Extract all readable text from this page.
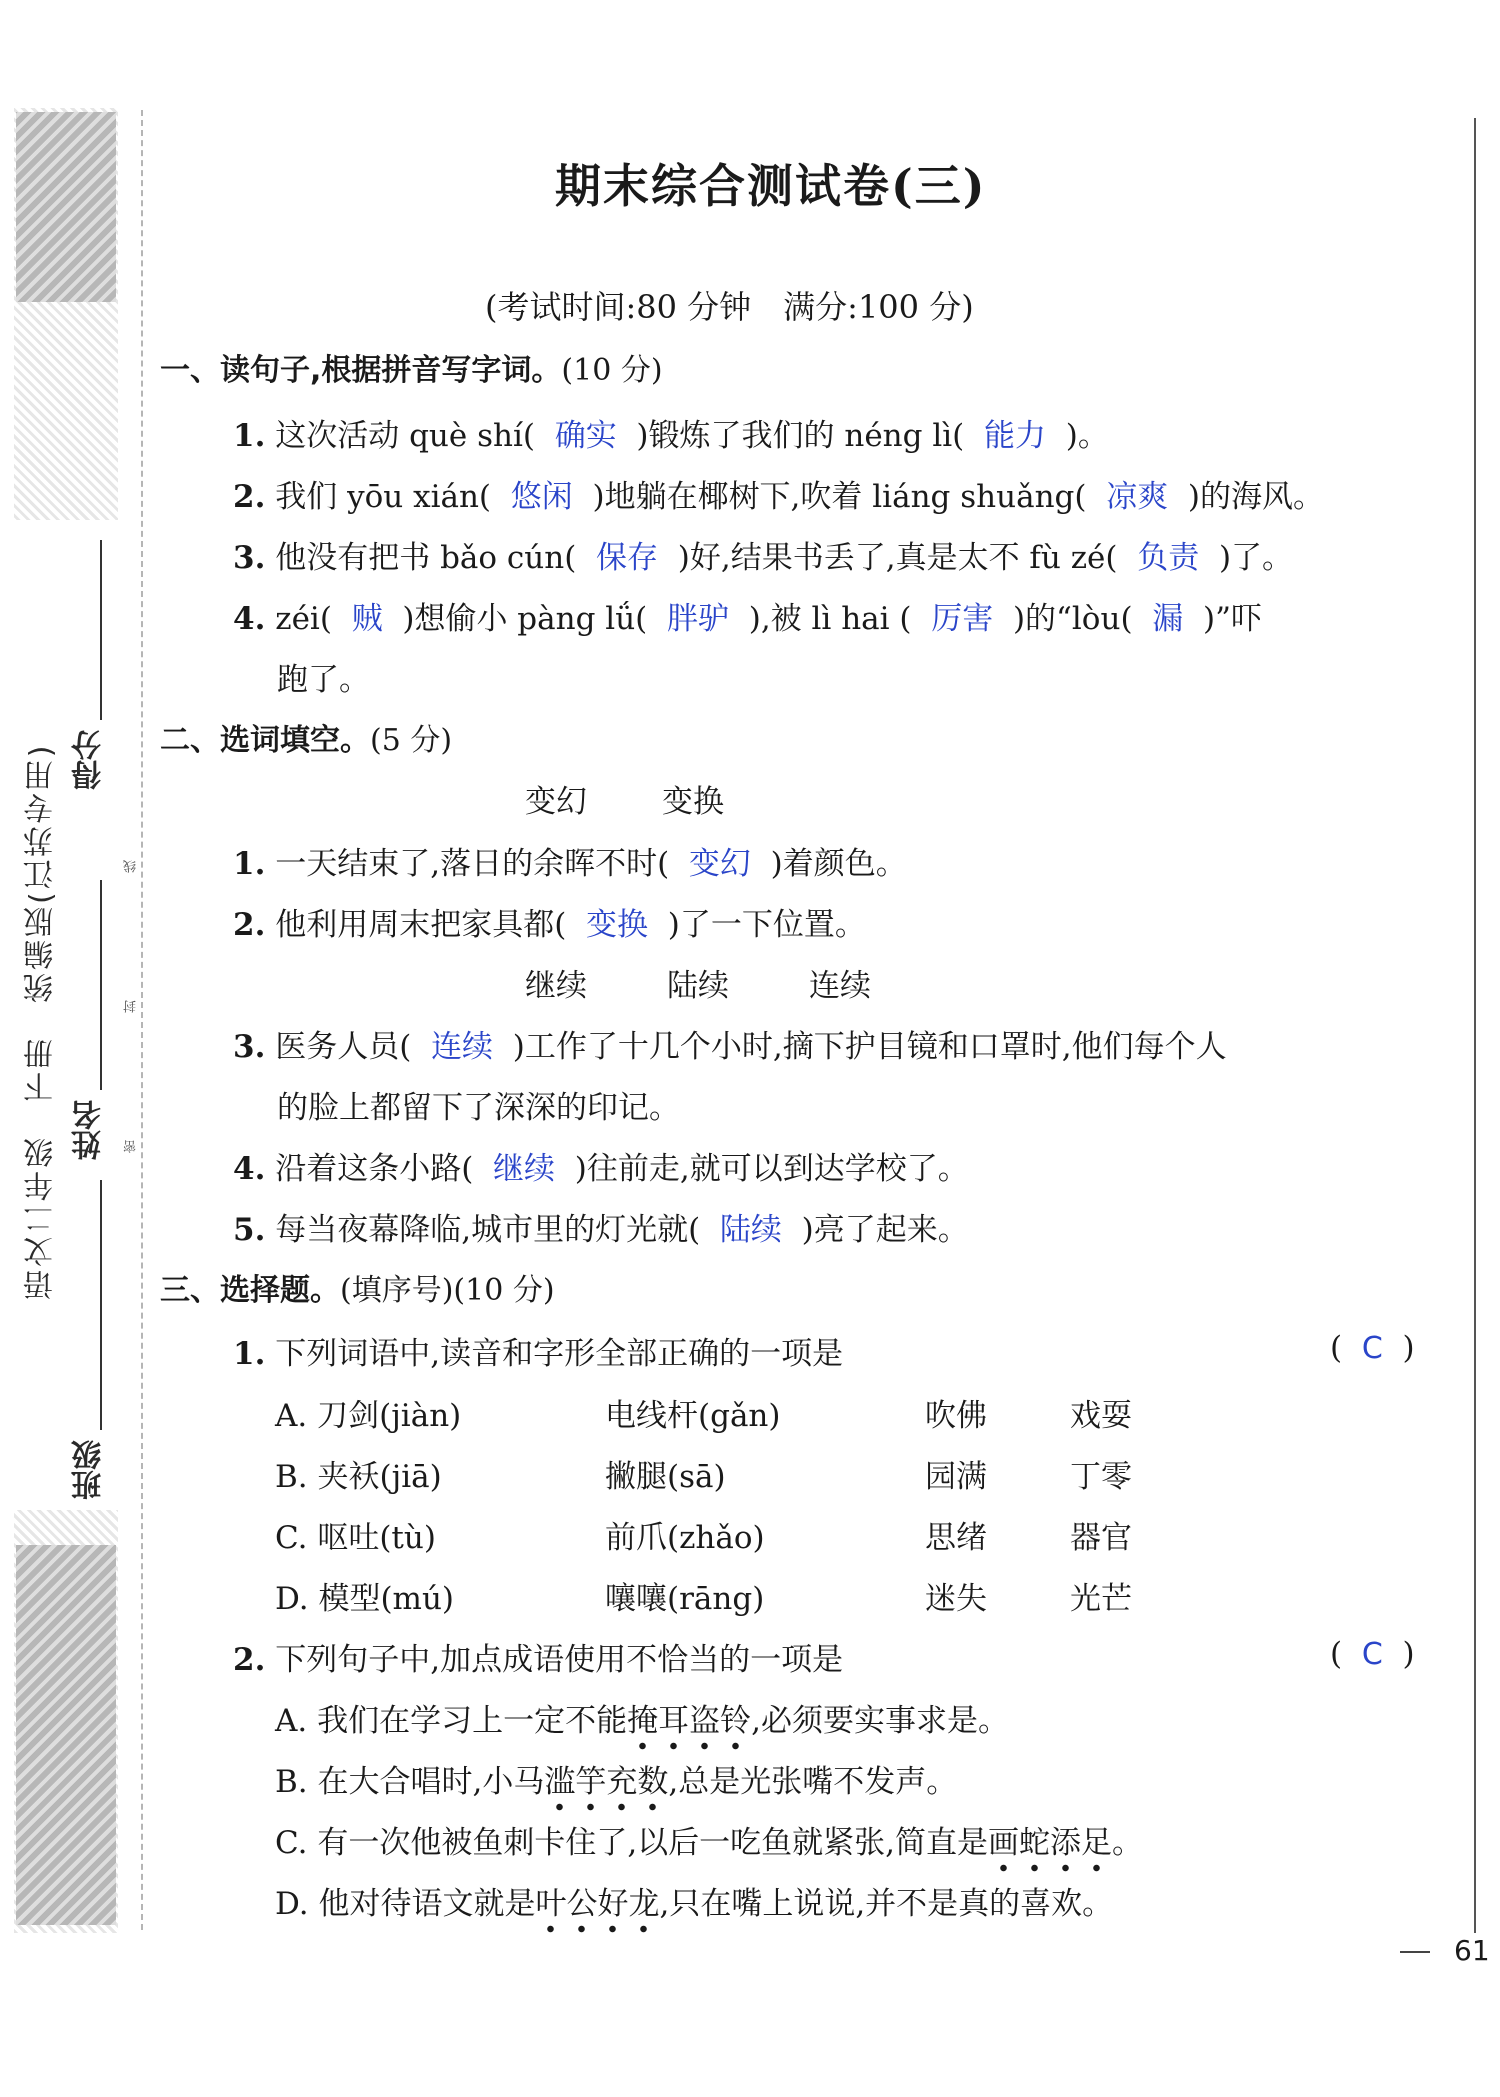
语文二年级　下册　统编版(江苏专用)
班级
姓名
得分
密
封
线
期末综合测试卷(三)
(考试时间:80 分钟　满分:100 分)
一、读句子,根据拼音写字词。(10 分)
1. 这次活动 què shí( 确实 )锻炼了我们的 néng lì( 能力 )。
2. 我们 yōu xián( 悠闲 )地躺在椰树下,吹着 liáng shuǎng( 凉爽 )的海风。
3. 他没有把书 bǎo cún( 保存 )好,结果书丢了,真是太不 fù zé( 负责 )了。
4. zéi( 贼 )想偷小 pàng lǘ( 胖驴 ),被 lì hai ( 厉害 )的“lòu( 漏 )”吓
跑了。
二、选词填空。(5 分)
变幻 变换
1. 一天结束了,落日的余晖不时( 变幻 )着颜色。
2. 他利用周末把家具都( 变换 )了一下位置。
继续	陆续	连续
3. 医务人员( 连续 )工作了十几个小时,摘下护目镜和口罩时,他们每个人
的脸上都留下了深深的印记。
4. 沿着这条小路( 继续 )往前走,就可以到达学校了。
5. 每当夜幕降临,城市里的灯光就( 陆续 )亮了起来。
三、选择题。(填序号)(10 分)
1. 下列词语中,读音和字形全部正确的一项是	( C )
A. 刀剑(jiàn)	电线杆(gǎn)	吹佛	戏耍
B. 夹袄(jiā)	撇腿(sā)	园满	丁零
C. 呕吐(tù)	前爪(zhǎo)	思绪	器官
D. 模型(mú)	嚷嚷(rāng)	迷失	光芒
2. 下列句子中,加点成语使用不恰当的一项是	( C )
A. 我们在学习上一定不能掩耳盗铃,必须要实事求是。
B. 在大合唱时,小马滥竽充数,总是光张嘴不发声。
C. 有一次他被鱼刺卡住了,以后一吃鱼就紧张,简直是画蛇添足。
D. 他对待语文就是叶公好龙,只在嘴上说说,并不是真的喜欢。
61
